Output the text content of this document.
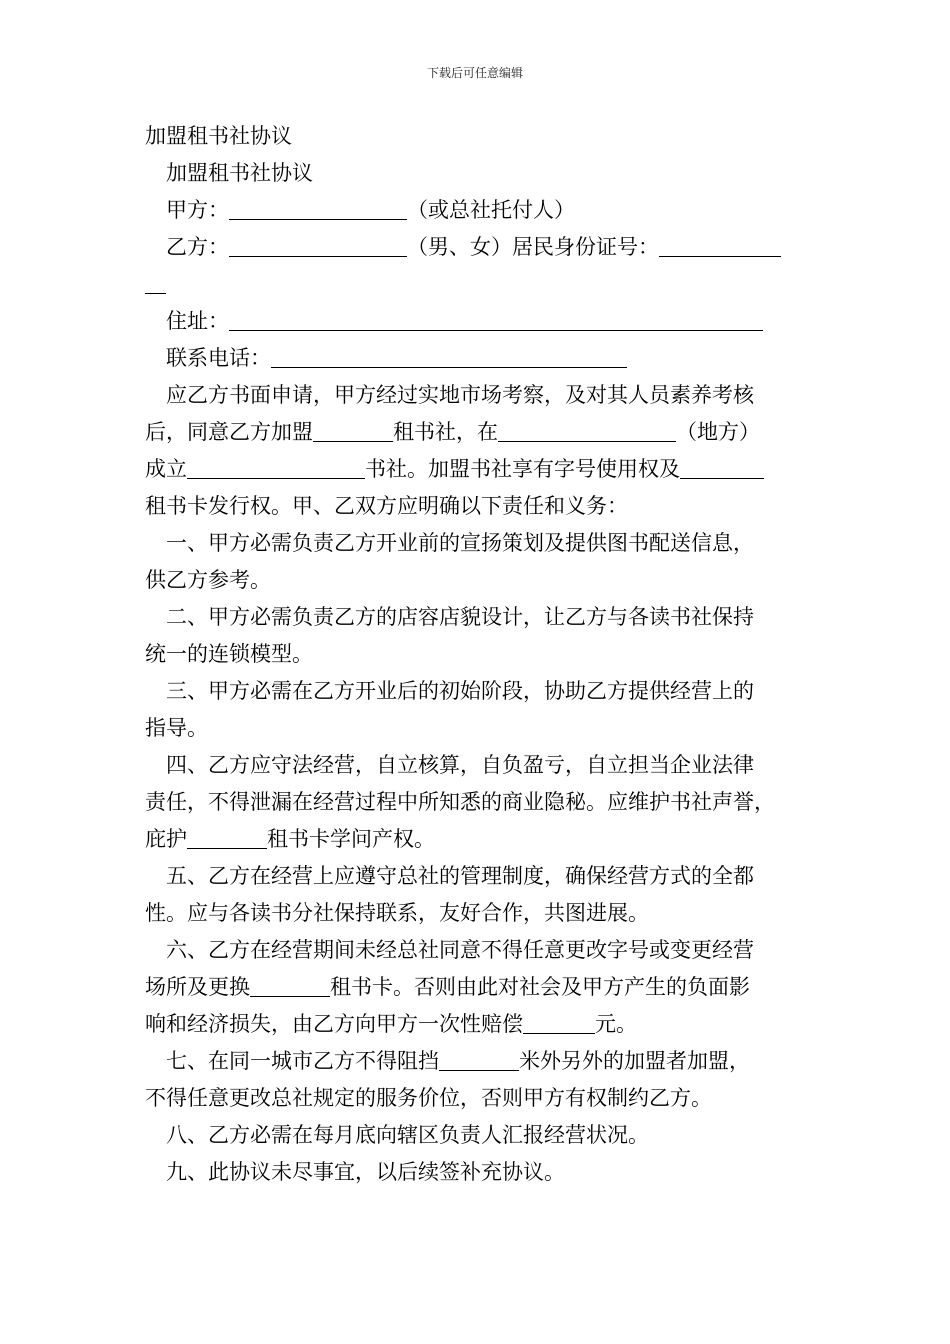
下载后可任意编辑
加盟租书社协议
加盟租书社协议
甲方：	（或总社托付人）
乙方：	（男、女）居民身份证号：
住址：
联系电话：
应乙方书面申请，甲方经过实地市场考察，及对其人员素养考核
后，同意乙方加盟	租书社，在	（地方）
成立	书社。加盟书社享有字号使用权及
租书卡发行权。甲、乙双方应明确以下责任和义务：
一、甲方必需负责乙方开业前的宣扬策划及提供图书配送信息，
供乙方参考。
二、甲方必需负责乙方的店容店貌设计，让乙方与各读书社保持
统一的连锁模型。
三、甲方必需在乙方开业后的初始阶段，协助乙方提供经营上的
指导。
四、乙方应守法经营，自立核算，自负盈亏，自立担当企业法律
责任，不得泄漏在经营过程中所知悉的商业隐秘。应维护书社声誉，
庇护	租书卡学问产权。
五、乙方在经营上应遵守总社的管理制度，确保经营方式的全都
性。应与各读书分社保持联系，友好合作，共图进展。
六、乙方在经营期间未经总社同意不得任意更改字号或变更经营
场所及更换	租书卡。否则由此对社会及甲方产生的负面影
响和经济损失，由乙方向甲方一次性赔偿	元。
七、在同一城市乙方不得阻挡	米外另外的加盟者加盟，
不得任意更改总社规定的服务价位，否则甲方有权制约乙方。
八、乙方必需在每月底向辖区负责人汇报经营状况。
九、此协议未尽事宜，以后续签补充协议。
